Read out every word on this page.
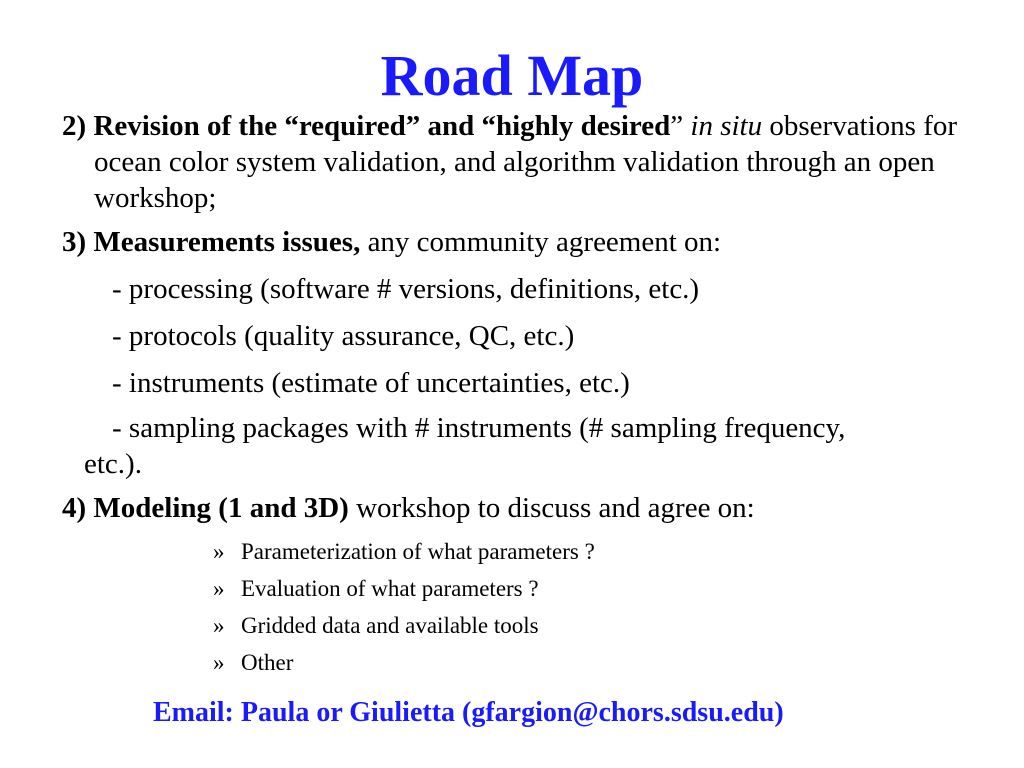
Road Map

2) Revision of the “required” and “highly desired” in situ observations for ocean color system validation, and algorithm validation through an open workshop;

3) Measurements issues, any community agreement on:

- processing (software # versions, definitions, etc.)

- protocols (quality assurance, QC, etc.)

- instruments (estimate of uncertainties, etc.)

- sampling packages with # instruments (# sampling frequency,
etc.).

4) Modeling (1 and 3D) workshop to discuss and agree on:

» Parameterization of what parameters ?
» Evaluation of what parameters ?
» Gridded data and available tools
» Other
Email: Paula or Giulietta (gfargion@chors.sdsu.edu)
